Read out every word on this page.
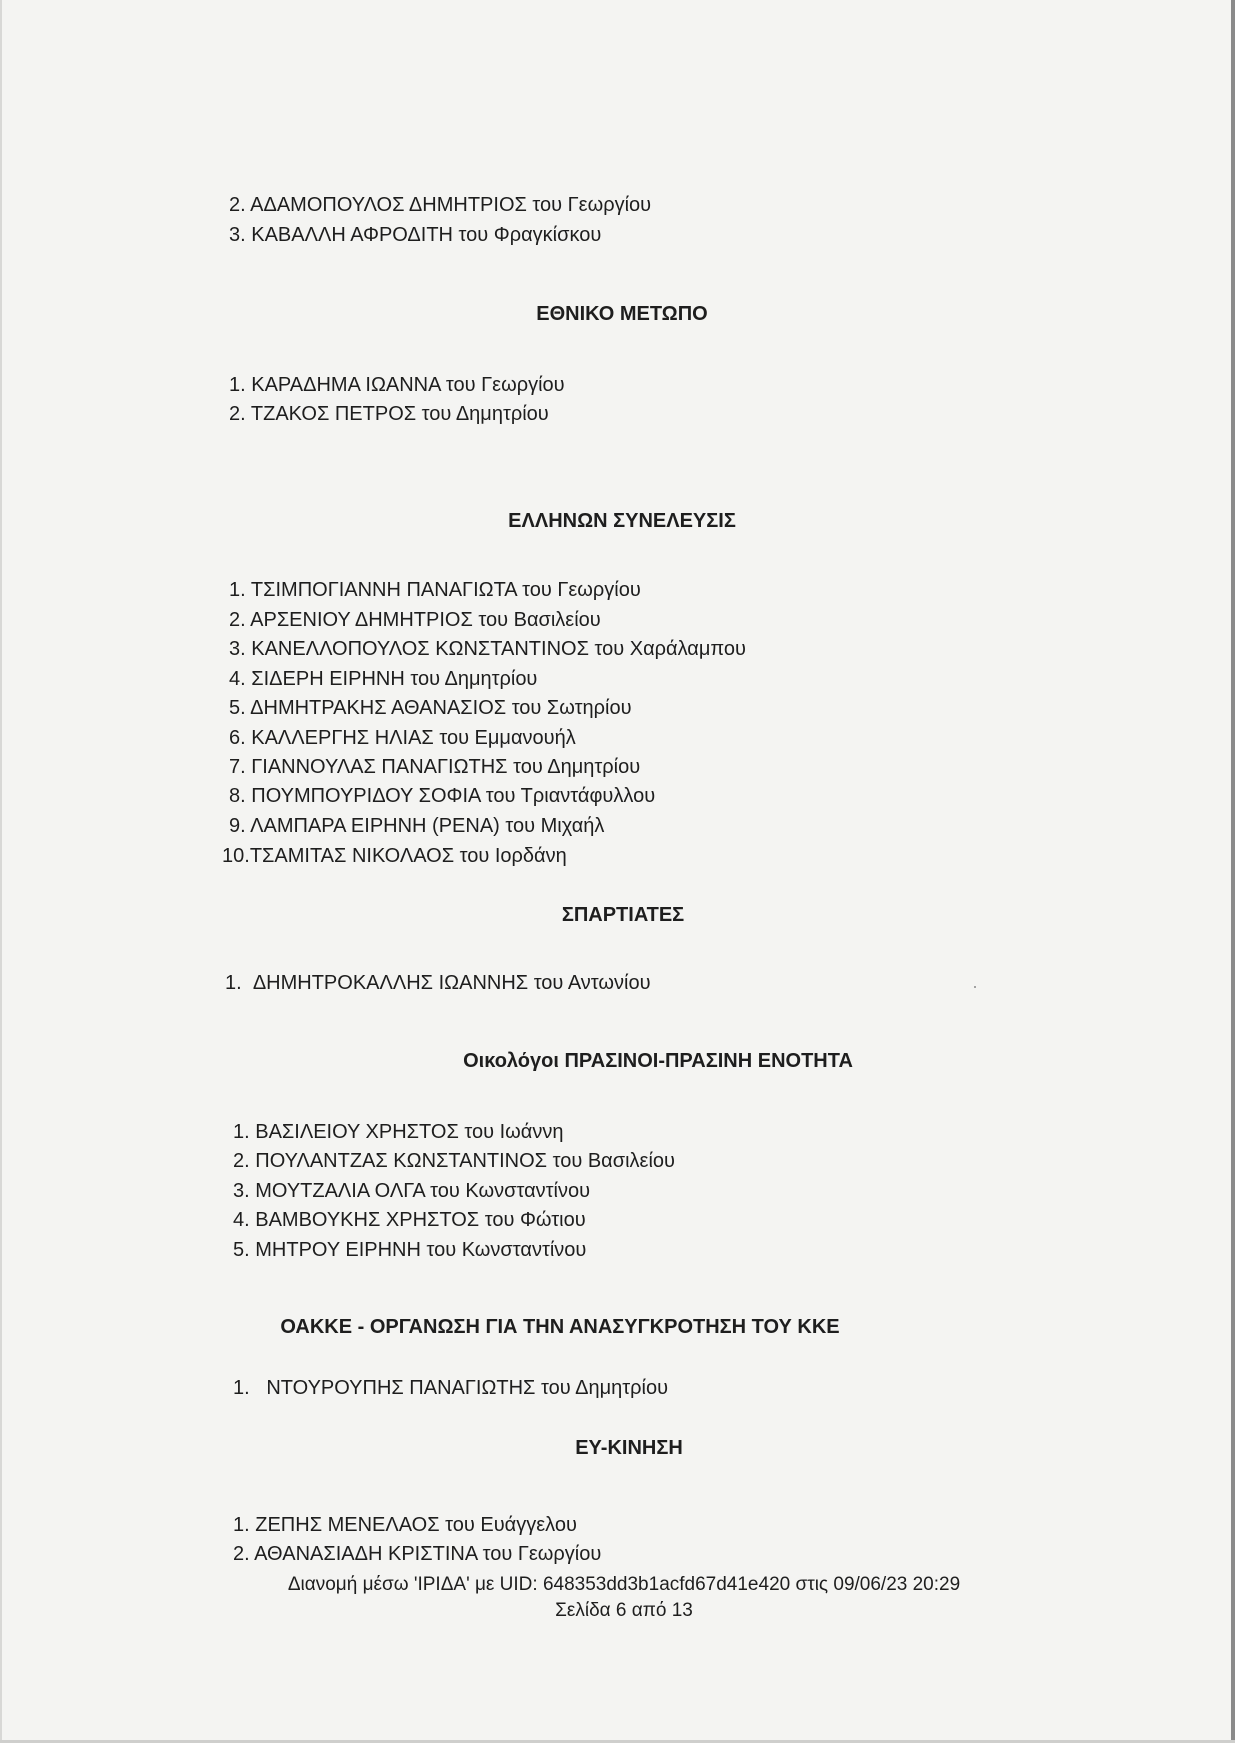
2. ΑΔΑΜΟΠΟΥΛΟΣ ΔΗΜΗΤΡΙΟΣ του Γεωργίου
3. ΚΑΒΑΛΛΗ ΑΦΡΟΔΙΤΗ του Φραγκίσκου
ΕΘΝΙΚΟ ΜΕΤΩΠΟ
1. ΚΑΡΑΔΗΜΑ ΙΩΑΝΝΑ του Γεωργίου
2. ΤΖΑΚΟΣ ΠΕΤΡΟΣ του Δημητρίου
ΕΛΛΗΝΩΝ ΣΥΝΕΛΕΥΣΙΣ
1. ΤΣΙΜΠΟΓΙΑΝΝΗ ΠΑΝΑΓΙΩΤΑ του Γεωργίου
2. ΑΡΣΕΝΙΟΥ ΔΗΜΗΤΡΙΟΣ του Βασιλείου
3. ΚΑΝΕΛΛΟΠΟΥΛΟΣ ΚΩΝΣΤΑΝΤΙΝΟΣ του Χαράλαμπου
4. ΣΙΔΕΡΗ ΕΙΡΗΝΗ του Δημητρίου
5. ΔΗΜΗΤΡΑΚΗΣ ΑΘΑΝΑΣΙΟΣ του Σωτηρίου
6. ΚΑΛΛΕΡΓΗΣ ΗΛΙΑΣ του Εμμανουήλ
7. ΓΙΑΝΝΟΥΛΑΣ ΠΑΝΑΓΙΩΤΗΣ του Δημητρίου
8. ΠΟΥΜΠΟΥΡΙΔΟΥ ΣΟΦΙΑ του Τριαντάφυλλου
9. ΛΑΜΠΑΡΑ ΕΙΡΗΝΗ (ΡΕΝΑ) του Μιχαήλ
10.ΤΣΑΜΙΤΑΣ ΝΙΚΟΛΑΟΣ του Ιορδάνη
ΣΠΑΡΤΙΑΤΕΣ
1. ΔΗΜΗΤΡΟΚΑΛΛΗΣ ΙΩΑΝΝΗΣ του Αντωνίου
Οικολόγοι ΠΡΑΣΙΝΟΙ-ΠΡΑΣΙΝΗ ΕΝΟΤΗΤΑ
1. ΒΑΣΙΛΕΙΟΥ ΧΡΗΣΤΟΣ του Ιωάννη
2. ΠΟΥΛΑΝΤΖΑΣ ΚΩΝΣΤΑΝΤΙΝΟΣ του Βασιλείου
3. ΜΟΥΤΖΑΛΙΑ ΟΛΓΑ του Κωνσταντίνου
4. ΒΑΜΒΟΥΚΗΣ ΧΡΗΣΤΟΣ του Φώτιου
5. ΜΗΤΡΟΥ ΕΙΡΗΝΗ του Κωνσταντίνου
ΟΑΚΚΕ - ΟΡΓΑΝΩΣΗ ΓΙΑ ΤΗΝ ΑΝΑΣΥΓΚΡΟΤΗΣΗ ΤΟΥ ΚΚΕ
1. ΝΤΟΥΡΟΥΠΗΣ ΠΑΝΑΓΙΩΤΗΣ του Δημητρίου
ΕΥ-ΚΙΝΗΣΗ
1. ΖΕΠΗΣ ΜΕΝΕΛΑΟΣ του Ευάγγελου
2. ΑΘΑΝΑΣΙΑΔΗ ΚΡΙΣΤΙΝΑ του Γεωργίου
Διανομή μέσω 'ΙΡΙΔΑ' με UID: 648353dd3b1acfd67d41e420 στις 09/06/23 20:29
Σελίδα 6 από 13
